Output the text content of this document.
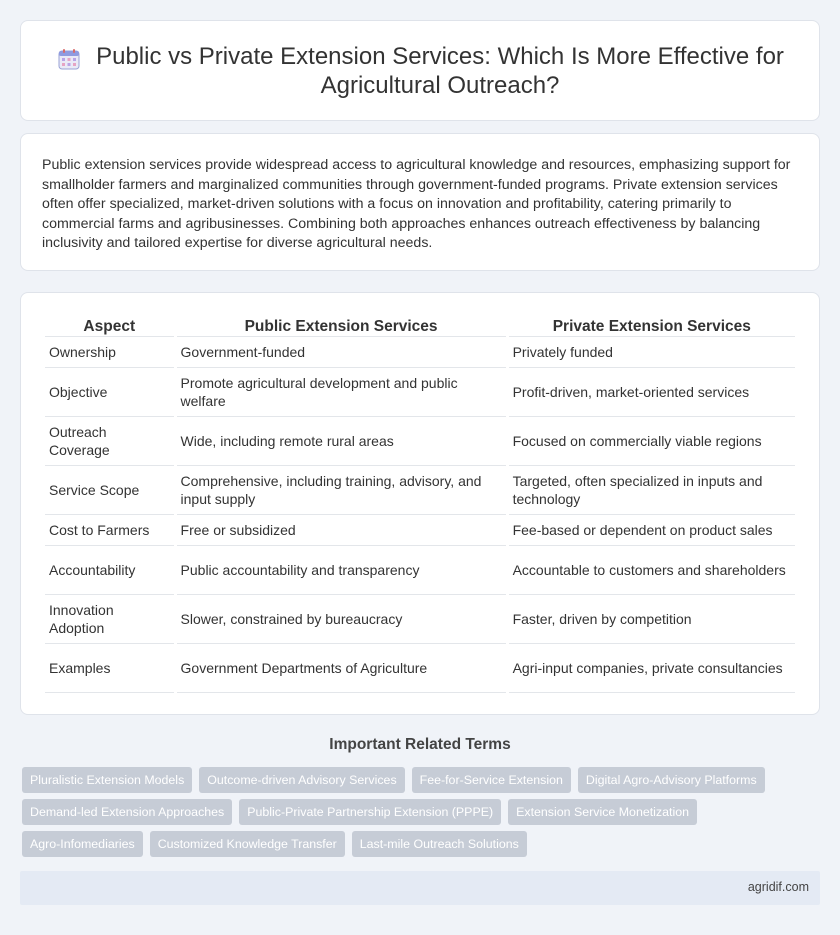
Public vs Private Extension Services: Which Is More Effective for Agricultural Outreach?

Public extension services provide widespread access to agricultural knowledge and resources, emphasizing support for smallholder farmers and marginalized communities through government-funded programs. Private extension services often offer specialized, market-driven solutions with a focus on innovation and profitability, catering primarily to commercial farms and agribusinesses. Combining both approaches enhances outreach effectiveness by balancing inclusivity and tailored expertise for diverse agricultural needs.

Aspect	Public Extension Services	Private Extension Services
Ownership	Government-funded	Privately funded
Objective	Promote agricultural development and public welfare	Profit-driven, market-oriented services
Outreach Coverage	Wide, including remote rural areas	Focused on commercially viable regions
Service Scope	Comprehensive, including training, advisory, and input supply	Targeted, often specialized in inputs and technology
Cost to Farmers	Free or subsidized	Fee-based or dependent on product sales
Accountability	Public accountability and transparency	Accountable to customers and shareholders
Innovation Adoption	Slower, constrained by bureaucracy	Faster, driven by competition
Examples	Government Departments of Agriculture	Agri-input companies, private consultancies
Important Related Terms
Pluralistic Extension Models	Outcome-driven Advisory Services	Fee-for-Service Extension	Digital Agro-Advisory Platforms
Demand-led Extension Approaches	Public-Private Partnership Extension (PPPE)	Extension Service Monetization
Agro-Infomediaries	Customized Knowledge Transfer	Last-mile Outreach Solutions
agridif.com
